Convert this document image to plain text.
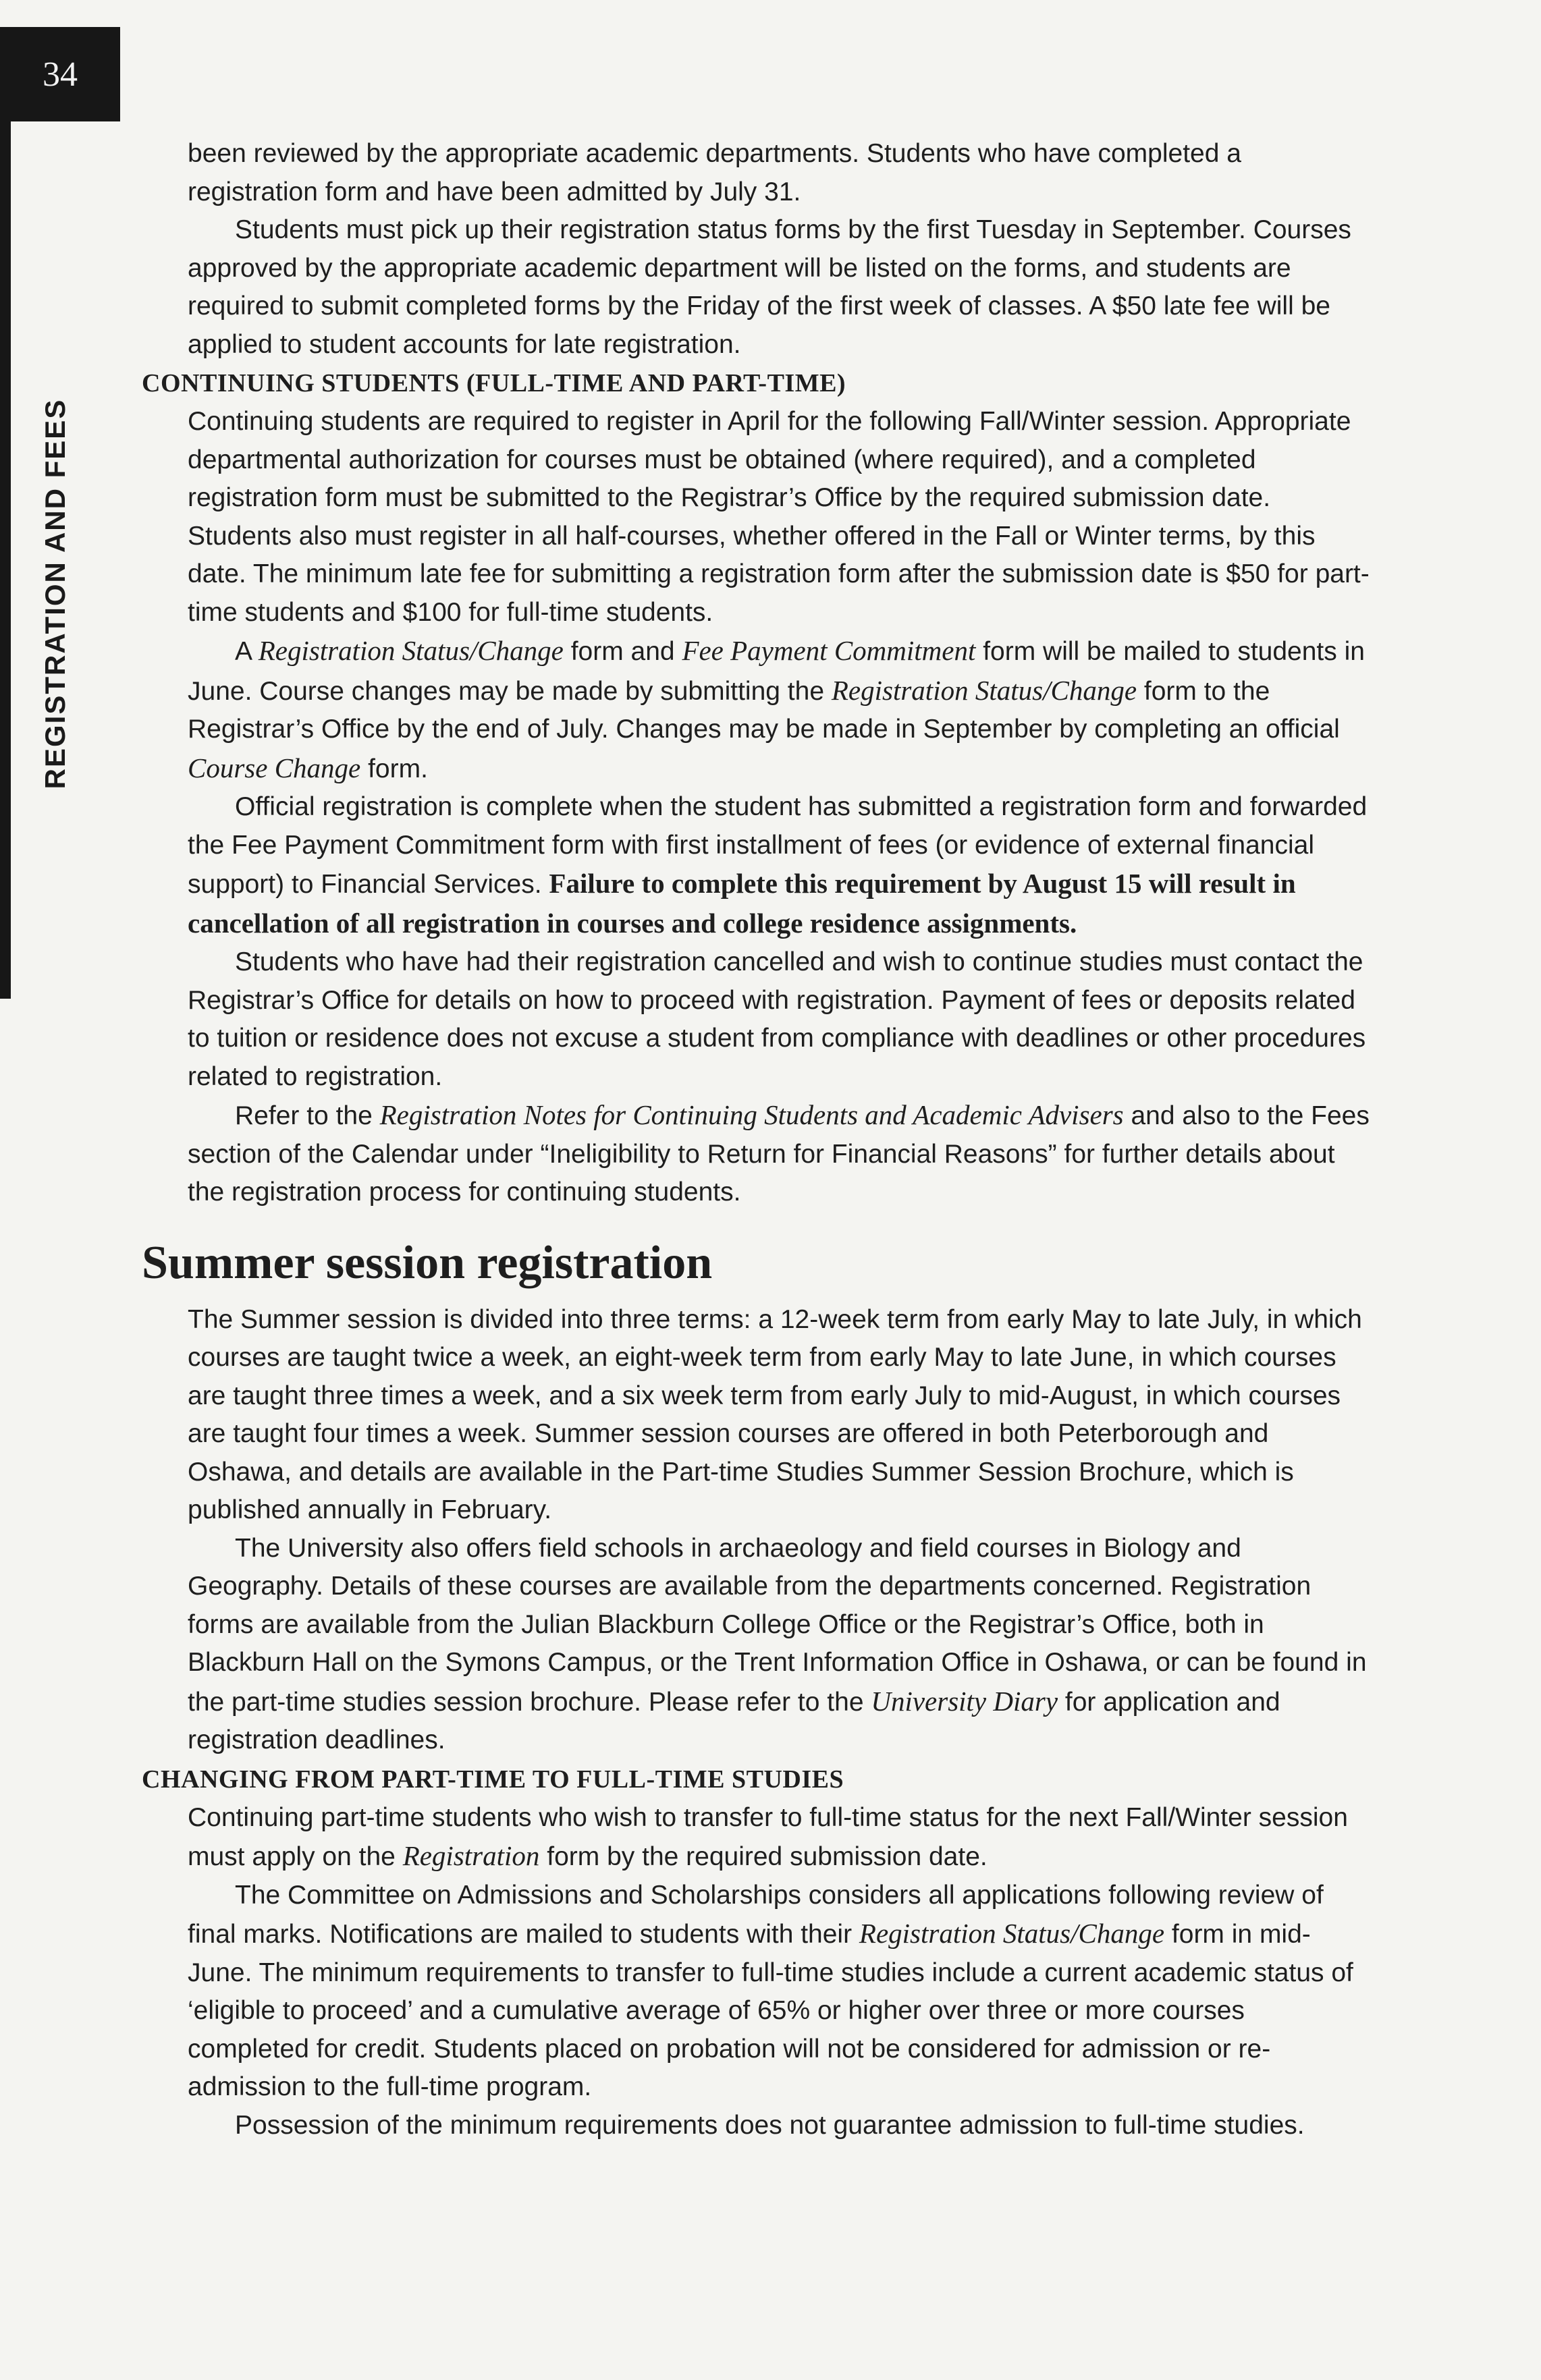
34
REGISTRATION AND FEES

been reviewed by the appropriate academic departments. Students who have completed a registration form and have been admitted by July 31.

Students must pick up their registration status forms by the first Tuesday in September. Courses approved by the appropriate academic department will be listed on the forms, and students are required to submit completed forms by the Friday of the first week of classes. A $50 late fee will be applied to student accounts for late registration.

CONTINUING STUDENTS (FULL-TIME AND PART-TIME)

Continuing students are required to register in April for the following Fall/Winter session. Appropriate departmental authorization for courses must be obtained (where required), and a completed registration form must be submitted to the Registrar’s Office by the required submission date. Students also must register in all half-courses, whether offered in the Fall or Winter terms, by this date. The minimum late fee for submitting a registration form after the submission date is $50 for part-time students and $100 for full-time students.

A Registration Status/Change form and Fee Payment Commitment form will be mailed to students in June. Course changes may be made by submitting the Registration Status/Change form to the Registrar’s Office by the end of July. Changes may be made in September by completing an official Course Change form.

Official registration is complete when the student has submitted a registration form and forwarded the Fee Payment Commitment form with first installment of fees (or evidence of external financial support) to Financial Services. Failure to complete this requirement by August 15 will result in cancellation of all registration in courses and college residence assignments.

Students who have had their registration cancelled and wish to continue studies must contact the Registrar’s Office for details on how to proceed with registration. Payment of fees or deposits related to tuition or residence does not excuse a student from compliance with deadlines or other procedures related to registration.

Refer to the Registration Notes for Continuing Students and Academic Advisers and also to the Fees section of the Calendar under “Ineligibility to Return for Financial Reasons” for further details about the registration process for continuing students.

Summer session registration

The Summer session is divided into three terms: a 12-week term from early May to late July, in which courses are taught twice a week, an eight-week term from early May to late June, in which courses are taught three times a week, and a six week term from early July to mid-August, in which courses are taught four times a week. Summer session courses are offered in both Peterborough and Oshawa, and details are available in the Part-time Studies Summer Session Brochure, which is published annually in February.

The University also offers field schools in archaeology and field courses in Biology and Geography. Details of these courses are available from the departments concerned. Registration forms are available from the Julian Blackburn College Office or the Registrar’s Office, both in Blackburn Hall on the Symons Campus, or the Trent Information Office in Oshawa, or can be found in the part-time studies session brochure. Please refer to the University Diary for application and registration deadlines.

CHANGING FROM PART-TIME TO FULL-TIME STUDIES

Continuing part-time students who wish to transfer to full-time status for the next Fall/Winter session must apply on the Registration form by the required submission date.

The Committee on Admissions and Scholarships considers all applications following review of final marks. Notifications are mailed to students with their Registration Status/Change form in mid-June. The minimum requirements to transfer to full-time studies include a current academic status of ‘eligible to proceed’ and a cumulative average of 65% or higher over three or more courses completed for credit. Students placed on probation will not be considered for admission or re-admission to the full-time program.

Possession of the minimum requirements does not guarantee admission to full-time studies.
